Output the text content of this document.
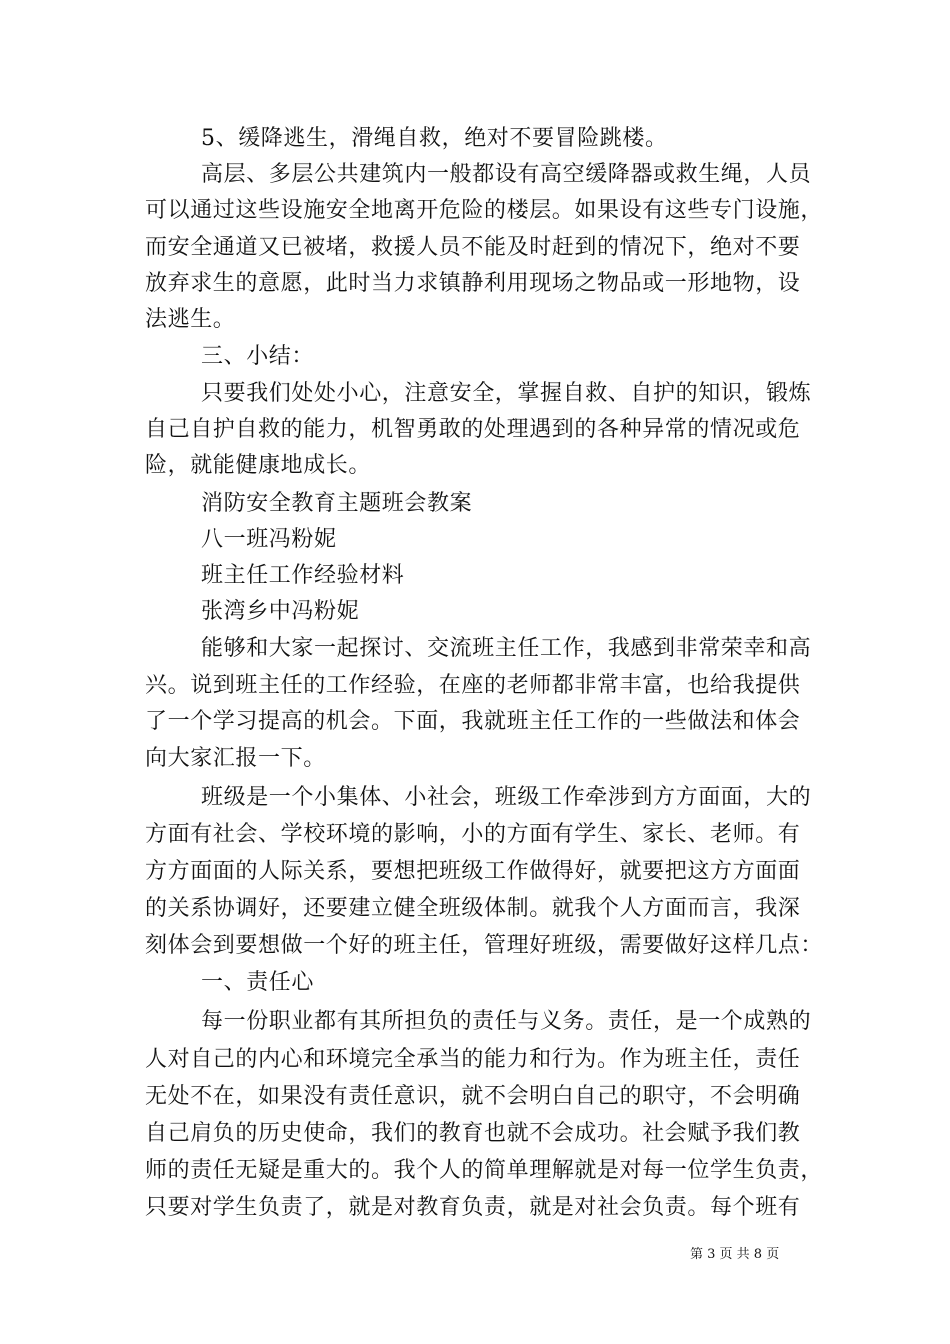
5、缓降逃生，滑绳自救，绝对不要冒险跳楼。
高层、多层公共建筑内一般都设有高空缓降器或救生绳，人员
可以通过这些设施安全地离开危险的楼层。如果设有这些专门设施，
而安全通道又已被堵，救援人员不能及时赶到的情况下，绝对不要
放弃求生的意愿，此时当力求镇静利用现场之物品或一形地物，设
法逃生。
三、小结：
只要我们处处小心，注意安全，掌握自救、自护的知识，锻炼
自己自护自救的能力，机智勇敢的处理遇到的各种异常的情况或危
险，就能健康地成长。
消防安全教育主题班会教案
八一班冯粉妮
班主任工作经验材料
张湾乡中冯粉妮
能够和大家一起探讨、交流班主任工作，我感到非常荣幸和高
兴。说到班主任的工作经验，在座的老师都非常丰富，也给我提供
了一个学习提高的机会。下面，我就班主任工作的一些做法和体会
向大家汇报一下。
班级是一个小集体、小社会，班级工作牵涉到方方面面，大的
方面有社会、学校环境的影响，小的方面有学生、家长、老师。有
方方面面的人际关系，要想把班级工作做得好，就要把这方方面面
的关系协调好，还要建立健全班级体制。就我个人方面而言，我深
刻体会到要想做一个好的班主任，管理好班级，需要做好这样几点：
一、责任心
每一份职业都有其所担负的责任与义务。责任，是一个成熟的
人对自己的内心和环境完全承当的能力和行为。作为班主任，责任
无处不在，如果没有责任意识，就不会明白自己的职守，不会明确
自己肩负的历史使命，我们的教育也就不会成功。社会赋予我们教
师的责任无疑是重大的。我个人的简单理解就是对每一位学生负责，
只要对学生负责了，就是对教育负责，就是对社会负责。每个班有
第 3 页 共 8 页
